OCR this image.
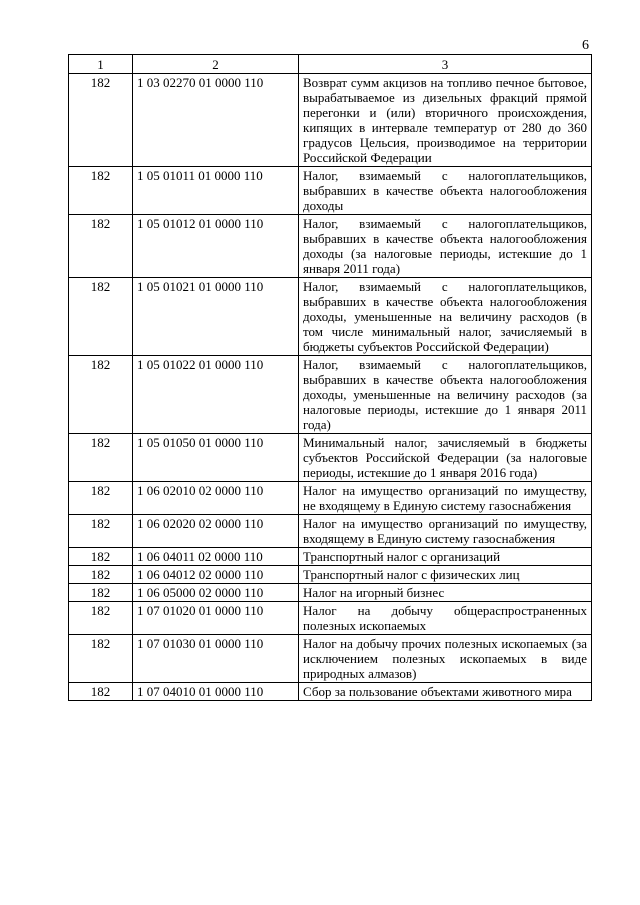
6
1	2	3
182	1 03 02270 01 0000 110	Возврат сумм акцизов на топливо печное бытовое, вырабатываемое из дизельных фракций прямой перегонки и (или) вторичного происхождения, кипящих в интервале температур от 280 до 360 градусов Цельсия, производимое на территории Российской Федерации
182	1 05 01011 01 0000 110	Налог, взимаемый с налогоплательщиков, выбравших в качестве объекта налогообложения доходы
182	1 05 01012 01 0000 110	Налог, взимаемый с налогоплательщиков, выбравших в качестве объекта налогообложения доходы (за налоговые периоды, истекшие до 1 января 2011 года)
182	1 05 01021 01 0000 110	Налог, взимаемый с налогоплательщиков, выбравших в качестве объекта налогообложения доходы, уменьшенные на величину расходов (в том числе минимальный налог, зачисляемый в бюджеты субъектов Российской Федерации)
182	1 05 01022 01 0000 110	Налог, взимаемый с налогоплательщиков, выбравших в качестве объекта налогообложения доходы, уменьшенные на величину расходов (за налоговые периоды, истекшие до 1 января 2011 года)
182	1 05 01050 01 0000 110	Минимальный налог, зачисляемый в бюджеты субъектов Российской Федерации (за налоговые периоды, истекшие до 1 января 2016 года)
182	1 06 02010 02 0000 110	Налог на имущество организаций по имуществу, не входящему в Единую систему газоснабжения
182	1 06 02020 02 0000 110	Налог на имущество организаций по имуществу, входящему в Единую систему газоснабжения
182	1 06 04011 02 0000 110	Транспортный налог с организаций
182	1 06 04012 02 0000 110	Транспортный налог с физических лиц
182	1 06 05000 02 0000 110	Налог на игорный бизнес
182	1 07 01020 01 0000 110	Налог на добычу общераспространенных полезных ископаемых
182	1 07 01030 01 0000 110	Налог на добычу прочих полезных ископаемых (за исключением полезных ископаемых в виде природных алмазов)
182	1 07 04010 01 0000 110	Сбор за пользование объектами животного мира
